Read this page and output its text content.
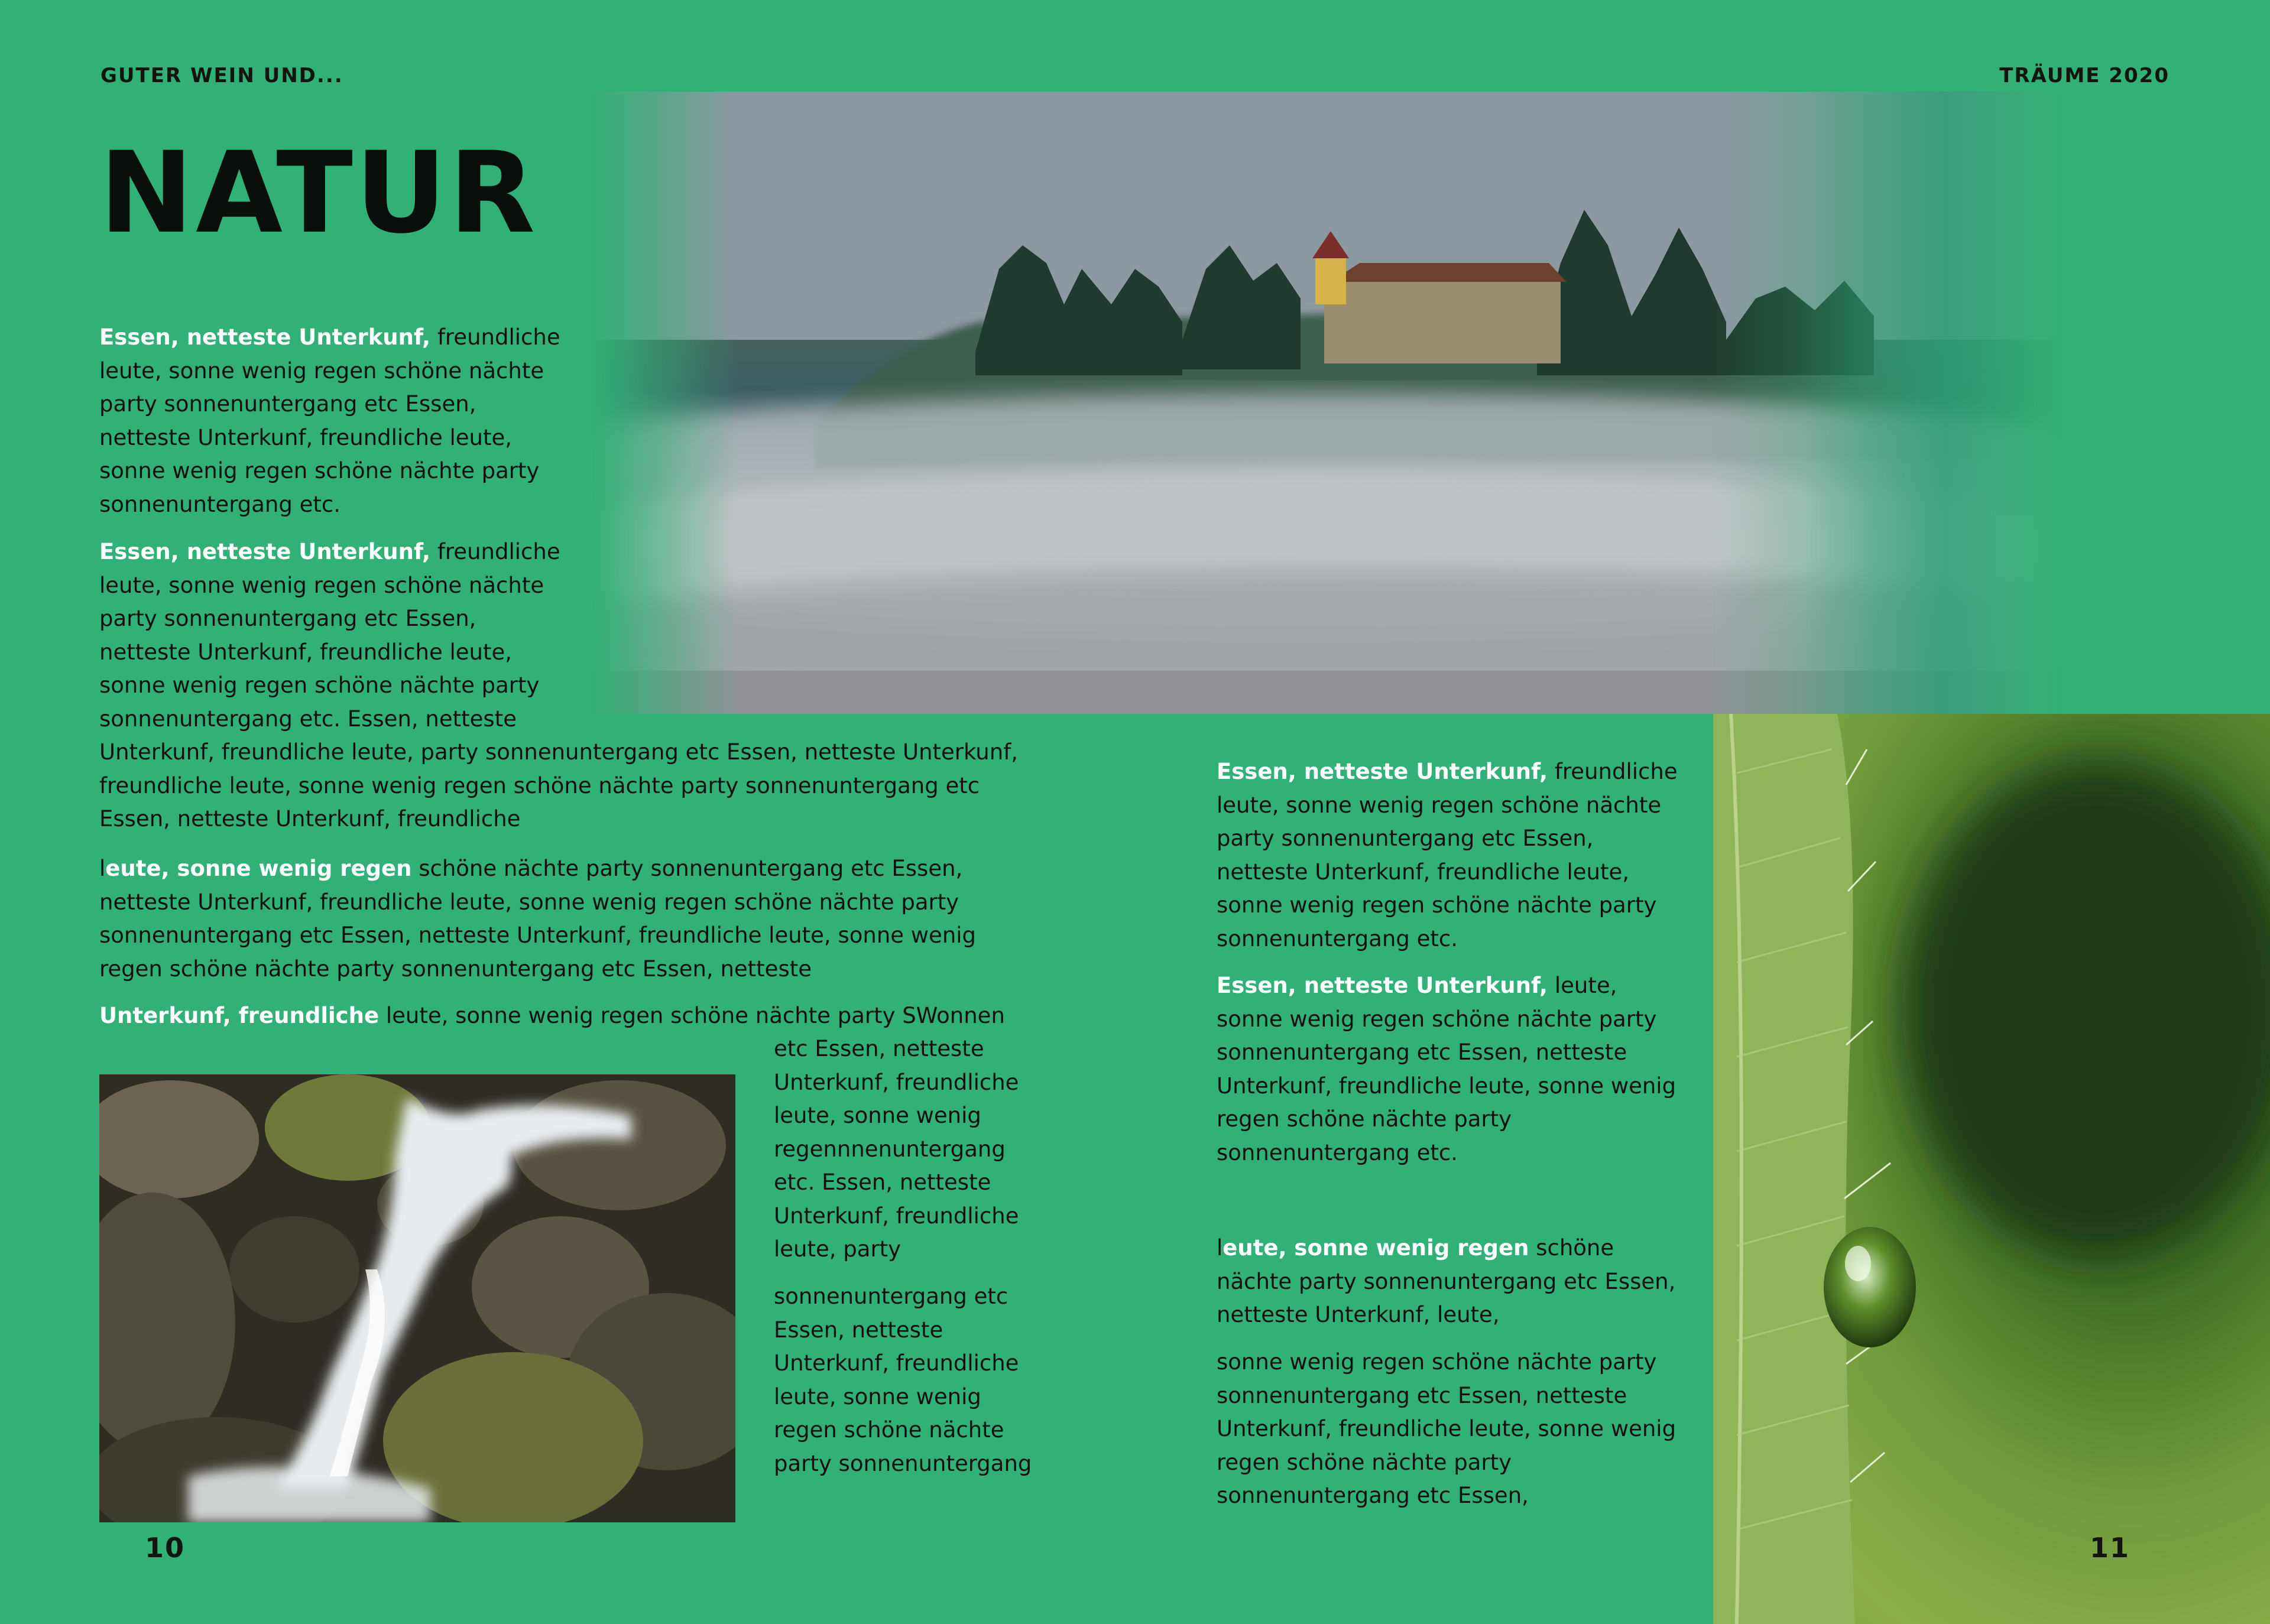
GUTER WEIN UND...	TRÄUME 2020
NATUR

Essen, netteste Unterkunf, freundliche leute, sonne wenig regen schöne nächte party sonnenuntergang etc Essen, netteste Unterkunf, freundliche leute, sonne wenig regen schöne nächte party sonnenuntergang etc.

Essen, netteste Unterkunf, freundliche leute, sonne wenig regen schöne nächte party sonnenuntergang etc Essen, netteste Unterkunf, freundliche leute, sonne wenig regen schöne nächte party sonnenuntergang etc. Essen, netteste

Unterkunf, freundliche leute, party sonnenuntergang etc Essen, netteste Unterkunf, freundliche leute, sonne wenig regen schöne nächte party sonnenuntergang etc Essen, netteste Unterkunf, freundliche

leute, sonne wenig regen schöne nächte party sonnenuntergang etc Essen, netteste Unterkunf, freundliche leute, sonne wenig regen schöne nächte party sonnenuntergang etc Essen, netteste Unterkunf, freundliche leute, sonne wenig regen schöne nächte party sonnenuntergang etc Essen, netteste

Unterkunf, freundliche leute, sonne wenig regen schöne nächte party SWonnen

etc Essen, netteste Unterkunf, freundliche leute, sonne wenig regennnenuntergang etc. Essen, netteste Unterkunf, freundliche leute, party

sonnenuntergang etc Essen, netteste Unterkunf, freundliche leute, sonne wenig regen schöne nächte party sonnenuntergang

Essen, netteste Unterkunf, freundliche leute, sonne wenig regen schöne nächte party sonnenuntergang etc Essen, netteste Unterkunf, freundliche leute, sonne wenig regen schöne nächte party sonnenuntergang etc.

Essen, netteste Unterkunf, leute, sonne wenig regen schöne nächte party sonnenuntergang etc Essen, netteste Unterkunf, freundliche leute, sonne wenig regen schöne nächte party sonnenuntergang etc.

leute, sonne wenig regen schöne nächte party sonnenuntergang etc Essen, netteste Unterkunf, leute,

sonne wenig regen schöne nächte party sonnenuntergang etc Essen, netteste Unterkunf, freundliche leute, sonne wenig regen schöne nächte party sonnenuntergang etc Essen,

10	11
